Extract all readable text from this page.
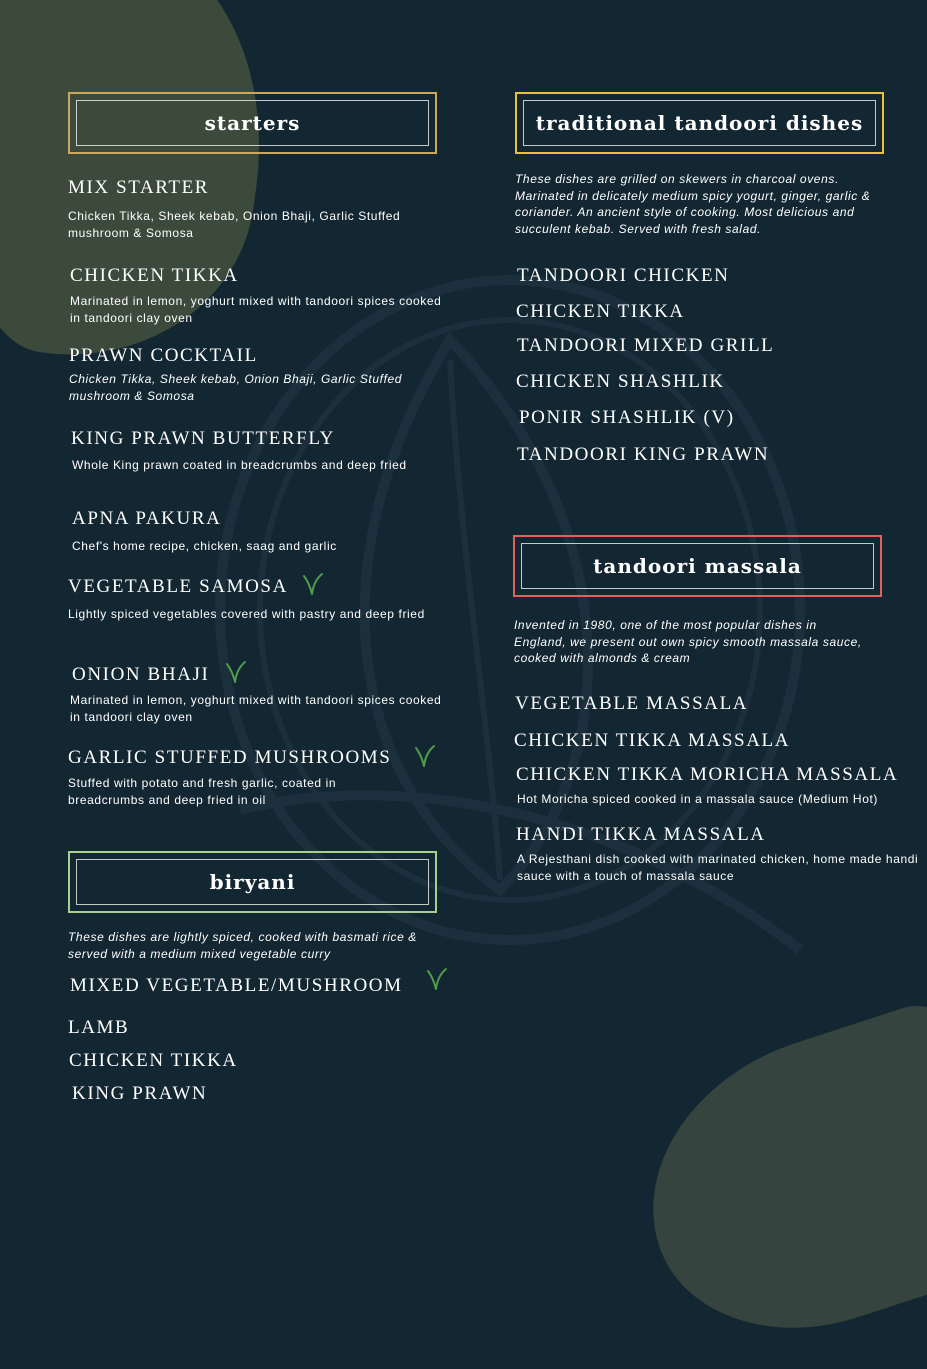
starters
MIX STARTER
Chicken Tikka, Sheek kebab, Onion Bhaji, Garlic Stuffed mushroom & Somosa
CHICKEN TIKKA
Marinated in lemon, yoghurt mixed with tandoori spices cooked in tandoori clay oven
PRAWN COCKTAIL
Chicken Tikka, Sheek kebab, Onion Bhaji, Garlic Stuffed mushroom & Somosa
KING PRAWN BUTTERFLY
Whole King prawn coated in breadcrumbs and deep fried
APNA PAKURA
Chef's home recipe, chicken, saag and garlic
VEGETABLE SAMOSA
Lightly spiced vegetables covered with pastry and deep fried
ONION BHAJI
Marinated in lemon, yoghurt mixed with tandoori spices cooked in tandoori clay oven
GARLIC STUFFED MUSHROOMS
Stuffed with potato and fresh garlic, coated in breadcrumbs and deep fried in oil
biryani
These dishes are lightly spiced, cooked with basmati rice & served with a medium mixed vegetable curry
MIXED VEGETABLE/MUSHROOM
LAMB
CHICKEN TIKKA
KING PRAWN
traditional tandoori dishes
These dishes are grilled on skewers in charcoal ovens. Marinated in delicately medium spicy yogurt, ginger, garlic & coriander. An ancient style of cooking. Most delicious and succulent kebab. Served with fresh salad.
TANDOORI CHICKEN
CHICKEN TIKKA
TANDOORI MIXED GRILL
CHICKEN SHASHLIK
PONIR SHASHLIK (V)
TANDOORI KING PRAWN
tandoori massala
Invented in 1980, one of the most popular dishes in England, we present out own spicy smooth massala sauce, cooked with almonds & cream
VEGETABLE MASSALA
CHICKEN TIKKA MASSALA
CHICKEN TIKKA MORICHA MASSALA
Hot Moricha spiced cooked in a massala sauce (Medium Hot)
HANDI TIKKA MASSALA
A Rejesthani dish cooked with marinated chicken, home made handi sauce with a touch of massala sauce
